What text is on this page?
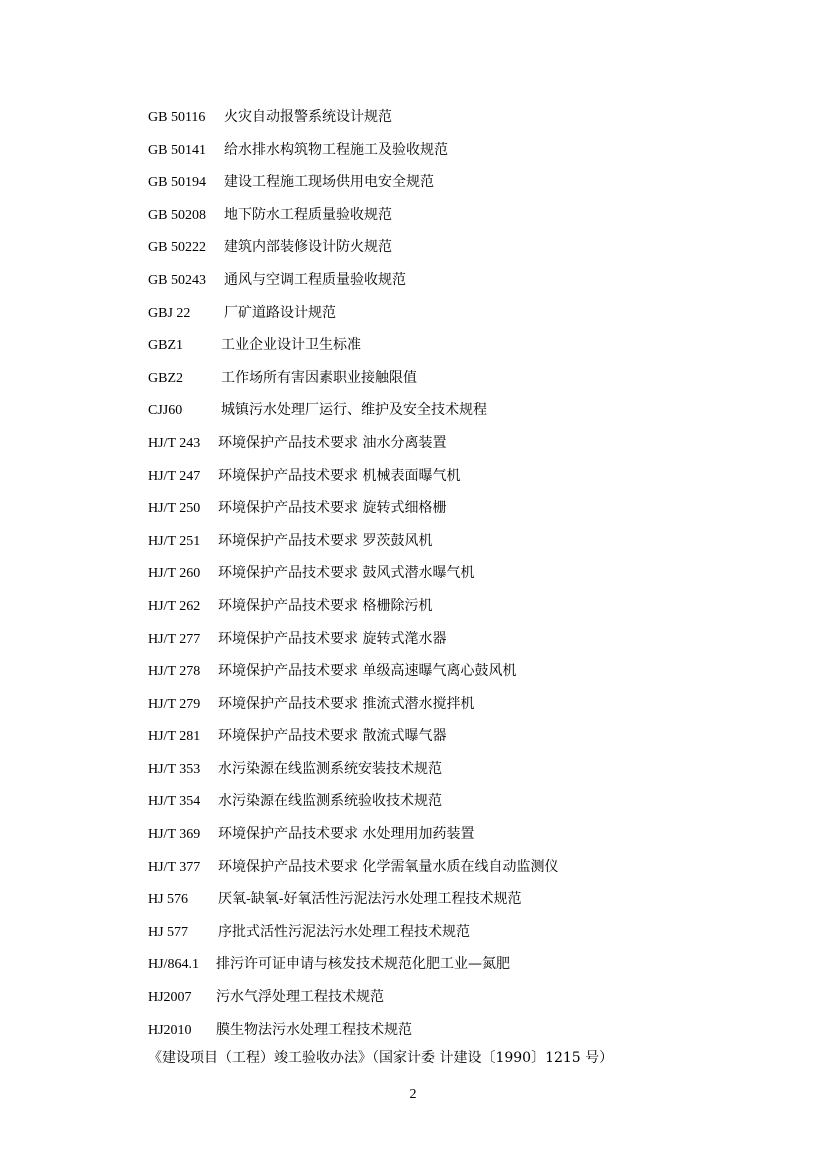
GB 50116 火灾自动报警系统设计规范
GB 50141 给水排水构筑物工程施工及验收规范
GB 50194 建设工程施工现场供用电安全规范
GB 50208 地下防水工程质量验收规范
GB 50222 建筑内部装修设计防火规范
GB 50243 通风与空调工程质量验收规范
GBJ 22 厂矿道路设计规范
GBZ1	工业企业设计卫生标准
GBZ2	工作场所有害因素职业接触限值
CJJ60	城镇污水处理厂运行、维护及安全技术规程
HJ/T 243 环境保护产品技术要求 油水分离装置
HJ/T 247 环境保护产品技术要求 机械表面曝气机
HJ/T 250 环境保护产品技术要求 旋转式细格栅
HJ/T 251 环境保护产品技术要求 罗茨鼓风机
HJ/T 260 环境保护产品技术要求 鼓风式潜水曝气机
HJ/T 262 环境保护产品技术要求 格栅除污机
HJ/T 277 环境保护产品技术要求 旋转式滗水器
HJ/T 278 环境保护产品技术要求 单级高速曝气离心鼓风机
HJ/T 279 环境保护产品技术要求 推流式潜水搅拌机
HJ/T 281 环境保护产品技术要求 散流式曝气器
HJ/T 353 水污染源在线监测系统安装技术规范
HJ/T 354 水污染源在线监测系统验收技术规范
HJ/T 369 环境保护产品技术要求 水处理用加药装置
HJ/T 377 环境保护产品技术要求 化学需氧量水质在线自动监测仪
HJ 576 厌氧-缺氧-好氧活性污泥法污水处理工程技术规范
HJ 577 序批式活性污泥法污水处理工程技术规范
HJ/864.1 排污许可证申请与核发技术规范化肥工业—氮肥
HJ2007 污水气浮处理工程技术规范
HJ2010 膜生物法污水处理工程技术规范
《建设项目（工程）竣工验收办法》（国家计委 计建设〔1990〕1215 号）
2
